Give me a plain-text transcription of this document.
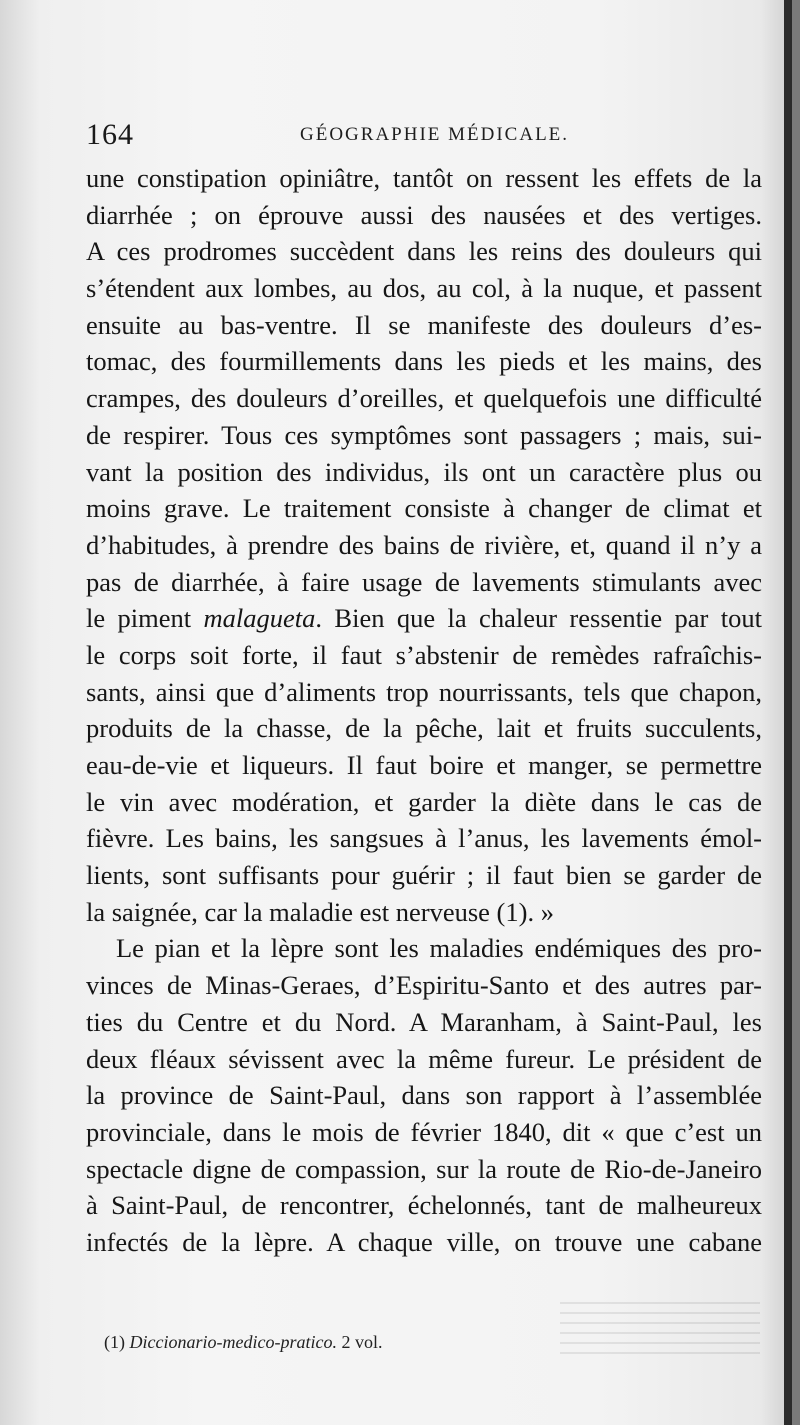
164	GÉOGRAPHIE MÉDICALE.
une constipation opiniâtre, tantôt on ressent les effets de la
diarrhée ; on éprouve aussi des nausées et des vertiges.
A ces prodromes succèdent dans les reins des douleurs qui
s’étendent aux lombes, au dos, au col, à la nuque, et passent
ensuite au bas-ventre. Il se manifeste des douleurs d’es-
tomac, des fourmillements dans les pieds et les mains, des
crampes, des douleurs d’oreilles, et quelquefois une difficulté
de respirer. Tous ces symptômes sont passagers ; mais, sui-
vant la position des individus, ils ont un caractère plus ou
moins grave. Le traitement consiste à changer de climat et
d’habitudes, à prendre des bains de rivière, et, quand il n’y a
pas de diarrhée, à faire usage de lavements stimulants avec
le piment malagueta. Bien que la chaleur ressentie par tout
le corps soit forte, il faut s’abstenir de remèdes rafraîchis-
sants, ainsi que d’aliments trop nourrissants, tels que chapon,
produits de la chasse, de la pêche, lait et fruits succulents,
eau-de-vie et liqueurs. Il faut boire et manger, se permettre
le vin avec modération, et garder la diète dans le cas de
fièvre. Les bains, les sangsues à l’anus, les lavements émol-
lients, sont suffisants pour guérir ; il faut bien se garder de
la saignée, car la maladie est nerveuse (1). »
Le pian et la lèpre sont les maladies endémiques des pro-
vinces de Minas-Geraes, d’Espiritu-Santo et des autres par-
ties du Centre et du Nord. A Maranham, à Saint-Paul, les
deux fléaux sévissent avec la même fureur. Le président de
la province de Saint-Paul, dans son rapport à l’assemblée
provinciale, dans le mois de février 1840, dit « que c’est un
spectacle digne de compassion, sur la route de Rio-de-Janeiro
à Saint-Paul, de rencontrer, échelonnés, tant de malheureux
infectés de la lèpre. A chaque ville, on trouve une cabane
(1) Diccionario-medico-pratico. 2 vol.
